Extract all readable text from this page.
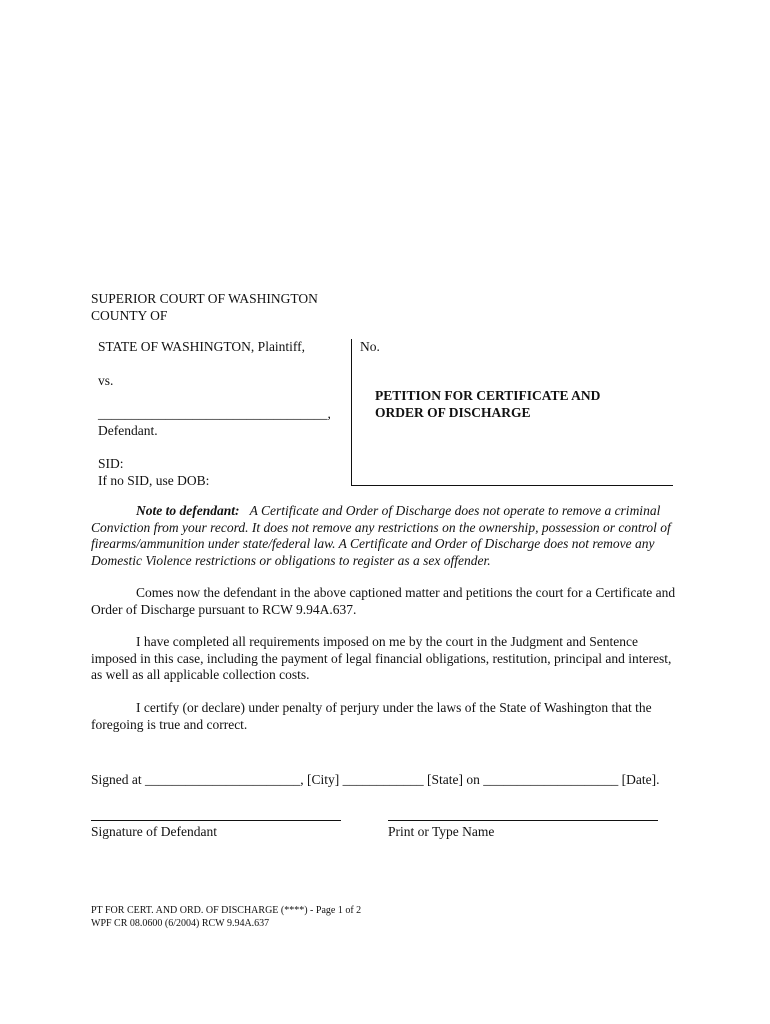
SUPERIOR COURT OF WASHINGTON
COUNTY OF
STATE OF WASHINGTON, Plaintiff,
vs.
__________________________________,
Defendant.
SID:
If no SID, use DOB:
No.
PETITION FOR CERTIFICATE AND
ORDER OF DISCHARGE
Note to defendant: A Certificate and Order of Discharge does not operate to remove a criminal Conviction from your record. It does not remove any restrictions on the ownership, possession or control of firearms/ammunition under state/federal law. A Certificate and Order of Discharge does not remove any Domestic Violence restrictions or obligations to register as a sex offender.
Comes now the defendant in the above captioned matter and petitions the court for a Certificate and Order of Discharge pursuant to RCW 9.94A.637.
I have completed all requirements imposed on me by the court in the Judgment and Sentence imposed in this case, including the payment of legal financial obligations, restitution, principal and interest, as well as all applicable collection costs.
I certify (or declare) under penalty of perjury under the laws of the State of Washington that the foregoing is true and correct.
Signed at _______________________, [City] ____________ [State] on ____________________ [Date].
Signature of Defendant	Print or Type Name
PT FOR CERT. AND ORD. OF DISCHARGE (****) - Page 1 of 2
WPF CR 08.0600 (6/2004) RCW 9.94A.637
